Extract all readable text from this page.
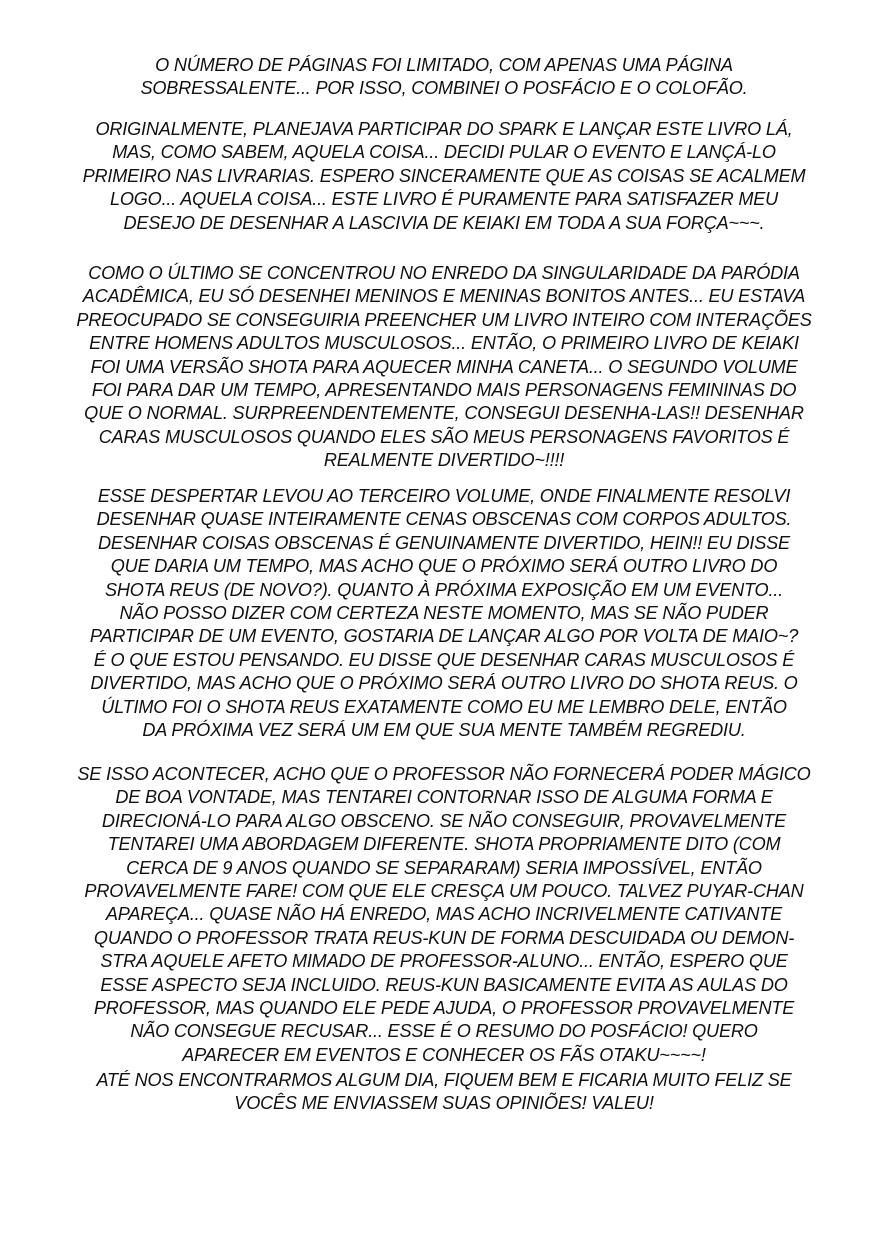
O NÚMERO DE PÁGINAS FOI LIMITADO, COM APENAS UMA PÁGINA
SOBRESSALENTE... POR ISSO, COMBINEI O POSFÁCIO E O COLOFÃO.
ORIGINALMENTE, PLANEJAVA PARTICIPAR DO SPARK E LANÇAR ESTE LIVRO LÁ,
MAS, COMO SABEM, AQUELA COISA... DECIDI PULAR O EVENTO E LANÇÁ-LO
PRIMEIRO NAS LIVRARIAS. ESPERO SINCERAMENTE QUE AS COISAS SE ACALMEM
LOGO... AQUELA COISA... ESTE LIVRO É PURAMENTE PARA SATISFAZER MEU
DESEJO DE DESENHAR A LASCIVIA DE KEIAKI EM TODA A SUA FORÇA~~~.
COMO O ÚLTIMO SE CONCENTROU NO ENREDO DA SINGULARIDADE DA PARÓDIA
ACADÊMICA, EU SÓ DESENHEI MENINOS E MENINAS BONITOS ANTES... EU ESTAVA
PREOCUPADO SE CONSEGUIRIA PREENCHER UM LIVRO INTEIRO COM INTERAÇÕES
ENTRE HOMENS ADULTOS MUSCULOSOS... ENTÃO, O PRIMEIRO LIVRO DE KEIAKI
FOI UMA VERSÃO SHOTA PARA AQUECER MINHA CANETA... O SEGUNDO VOLUME
FOI PARA DAR UM TEMPO, APRESENTANDO MAIS PERSONAGENS FEMININAS DO
QUE O NORMAL. SURPREENDENTEMENTE, CONSEGUI DESENHA-LAS!! DESENHAR
CARAS MUSCULOSOS QUANDO ELES SÃO MEUS PERSONAGENS FAVORITOS É
REALMENTE DIVERTIDO~!!!!
ESSE DESPERTAR LEVOU AO TERCEIRO VOLUME, ONDE FINALMENTE RESOLVI
DESENHAR QUASE INTEIRAMENTE CENAS OBSCENAS COM CORPOS ADULTOS.
DESENHAR COISAS OBSCENAS É GENUINAMENTE DIVERTIDO, HEIN!! EU DISSE
QUE DARIA UM TEMPO, MAS ACHO QUE O PRÓXIMO SERÁ OUTRO LIVRO DO
SHOTA REUS (DE NOVO?). QUANTO À PRÓXIMA EXPOSIÇÃO EM UM EVENTO...
NÃO POSSO DIZER COM CERTEZA NESTE MOMENTO, MAS SE NÃO PUDER
PARTICIPAR DE UM EVENTO, GOSTARIA DE LANÇAR ALGO POR VOLTA DE MAIO~?
É O QUE ESTOU PENSANDO. EU DISSE QUE DESENHAR CARAS MUSCULOSOS É
DIVERTIDO, MAS ACHO QUE O PRÓXIMO SERÁ OUTRO LIVRO DO SHOTA REUS. O
ÚLTIMO FOI O SHOTA REUS EXATAMENTE COMO EU ME LEMBRO DELE, ENTÃO
DA PRÓXIMA VEZ SERÁ UM EM QUE SUA MENTE TAMBÉM REGREDIU.
SE ISSO ACONTECER, ACHO QUE O PROFESSOR NÃO FORNECERÁ PODER MÁGICO
DE BOA VONTADE, MAS TENTAREI CONTORNAR ISSO DE ALGUMA FORMA E
DIRECIONÁ-LO PARA ALGO OBSCENO. SE NÃO CONSEGUIR, PROVAVELMENTE
TENTAREI UMA ABORDAGEM DIFERENTE. SHOTA PROPRIAMENTE DITO (COM
CERCA DE 9 ANOS QUANDO SE SEPARARAM) SERIA IMPOSSÍVEL, ENTÃO
PROVAVELMENTE FARE! COM QUE ELE CRESÇA UM POUCO. TALVEZ PUYAR-CHAN
APAREÇA... QUASE NÃO HÁ ENREDO, MAS ACHO INCRIVELMENTE CATIVANTE
QUANDO O PROFESSOR TRATA REUS-KUN DE FORMA DESCUIDADA OU DEMON-
STRA AQUELE AFETO MIMADO DE PROFESSOR-ALUNO... ENTÃO, ESPERO QUE
ESSE ASPECTO SEJA INCLUIDO. REUS-KUN BASICAMENTE EVITA AS AULAS DO
PROFESSOR, MAS QUANDO ELE PEDE AJUDA, O PROFESSOR PROVAVELMENTE
NÃO CONSEGUE RECUSAR... ESSE É O RESUMO DO POSFÁCIO! QUERO
APARECER EM EVENTOS E CONHECER OS FÃS OTAKU~~~~!
ATÉ NOS ENCONTRARMOS ALGUM DIA, FIQUEM BEM E FICARIA MUITO FELIZ SE
VOCÊS ME ENVIASSEM SUAS OPINIÕES! VALEU!
